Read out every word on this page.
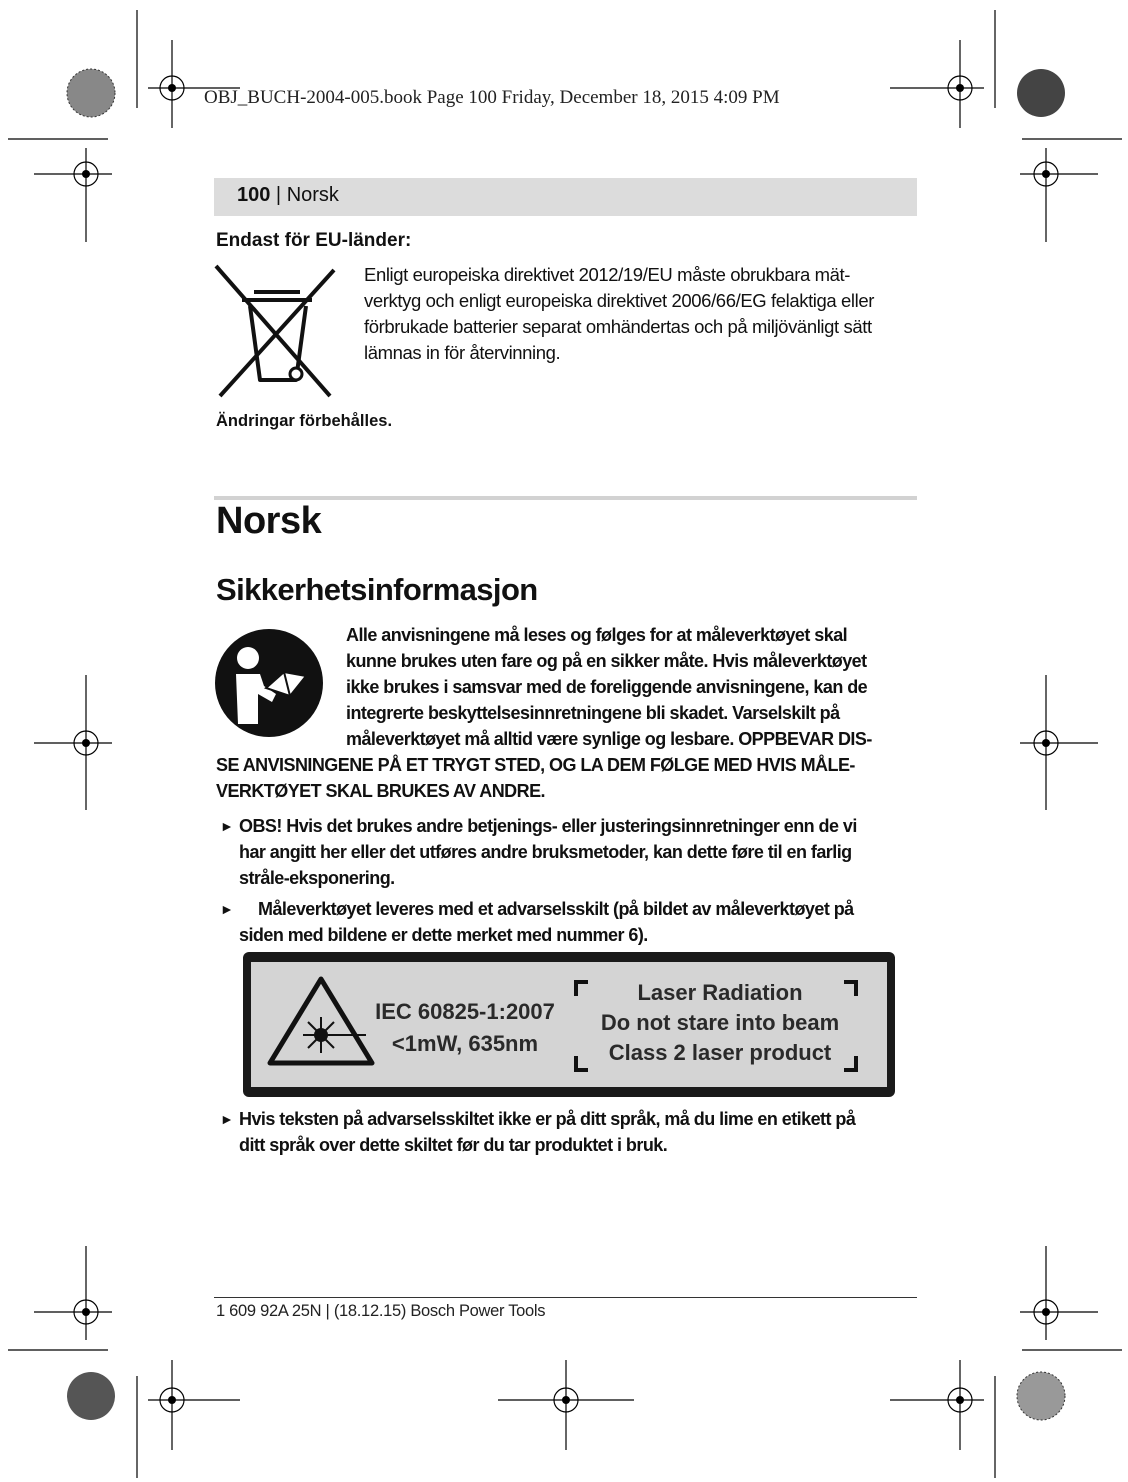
OBJ_BUCH-2004-005.book Page 100 Friday, December 18, 2015 4:09 PM
100 | Norsk
Endast för EU-länder:

Enligt europeiska direktivet 2012/19/EU måste obrukbara mät-

verktyg och enligt europeiska direktivet 2006/66/EG felaktiga eller

förbrukade batterier separat omhändertas och på miljövänligt sätt

lämnas in för återvinning.

Ändringar förbehålles.
Norsk
Sikkerhetsinformasjon
Alle anvisningene må leses og følges for at måleverktøyet skal
kunne brukes uten fare og på en sikker måte. Hvis måleverktøyet
ikke brukes i samsvar med de foreliggende anvisningene, kan de
integrerte beskyttelsesinnretningene bli skadet. Varselskilt på
måleverktøyet må alltid være synlige og lesbare. OPPBEVAR DIS-
SE ANVISNINGENE PÅ ET TRYGT STED, OG LA DEM FØLGE MED HVIS MÅLE-
VERKTØYET SKAL BRUKES AV ANDRE.
► OBS! Hvis det brukes andre betjenings- eller justeringsinnretninger enn de vi
har angitt her eller det utføres andre bruksmetoder, kan dette føre til en farlig
stråle-eksponering.
►	Måleverktøyet leveres med et advarselsskilt (på bildet av måleverktøyet på
siden med bildene er dette merket med nummer 6).
IEC 60825-1:2007
<1mW, 635nm
Laser Radiation
Do not stare into beam
Class 2 laser product
► Hvis teksten på advarselsskiltet ikke er på ditt språk, må du lime en etikett på
ditt språk over dette skiltet før du tar produktet i bruk.
1 609 92A 25N | (18.12.15) Bosch Power Tools
